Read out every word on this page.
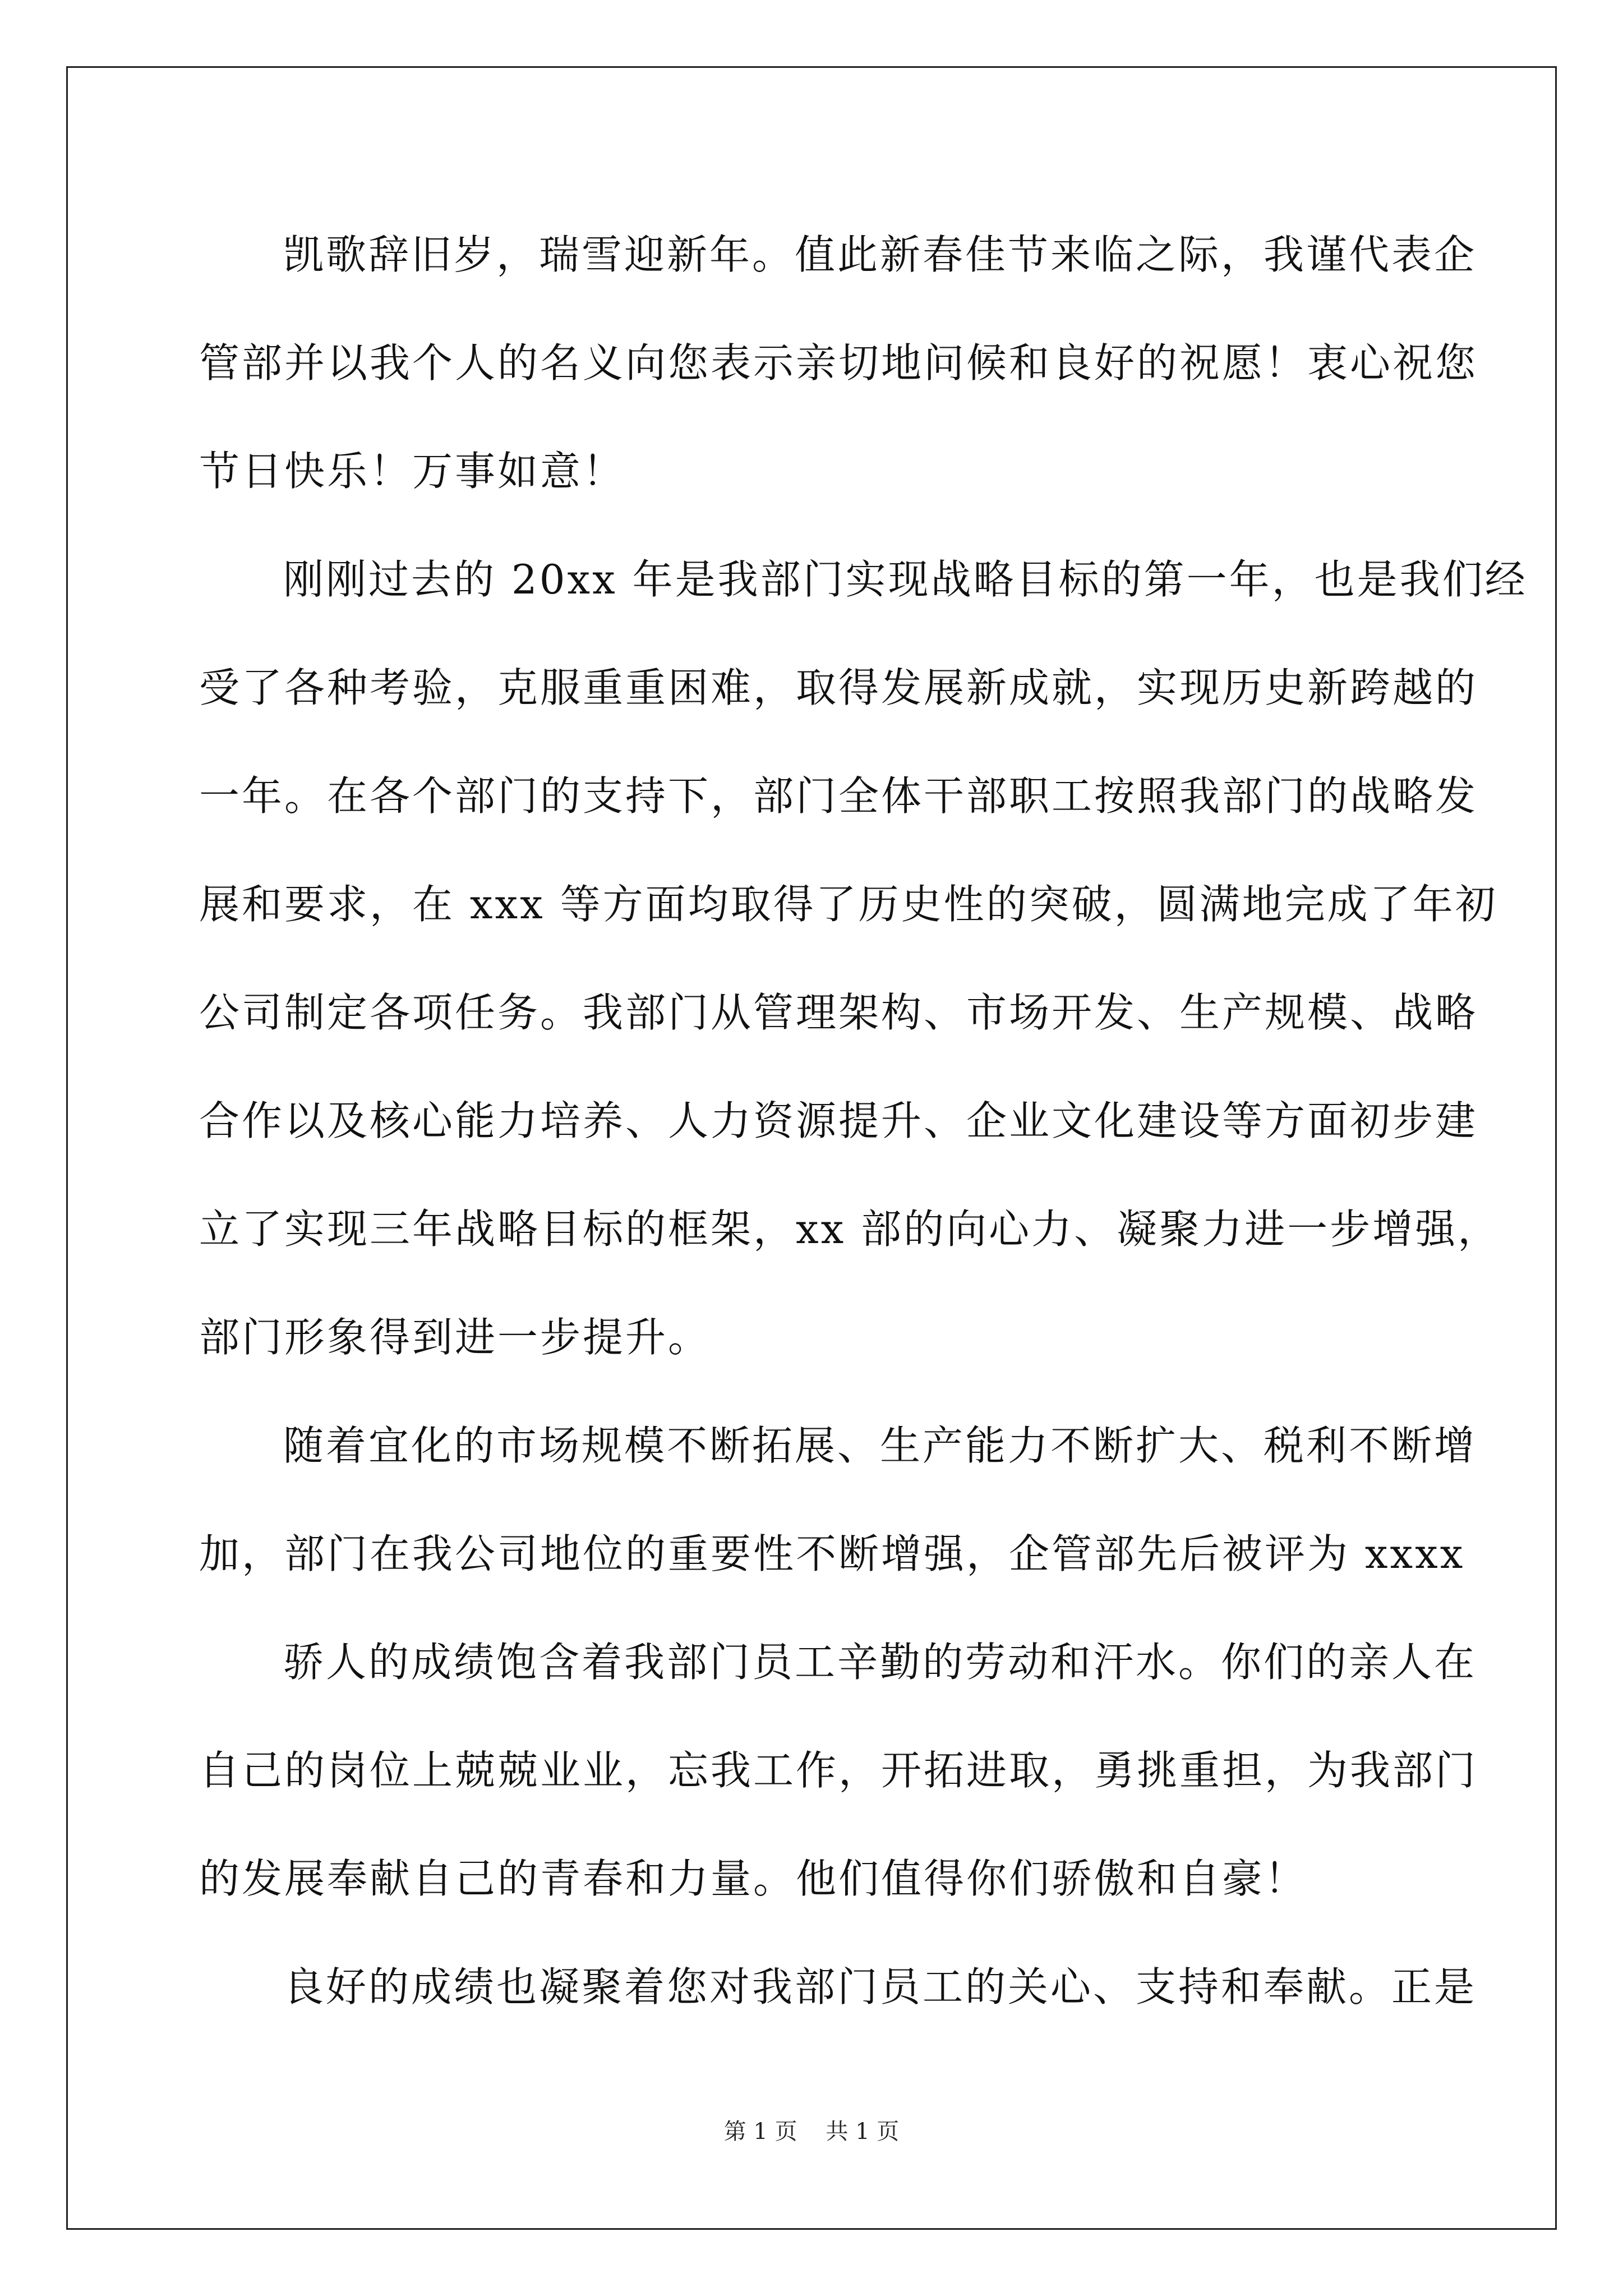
凯歌辞旧岁，瑞雪迎新年。值此新春佳节来临之际，我谨代表企

管部并以我个人的名义向您表示亲切地问候和良好的祝愿！衷心祝您

节日快乐！万事如意！

刚刚过去的 20xx 年是我部门实现战略目标的第一年，也是我们经

受了各种考验，克服重重困难，取得发展新成就，实现历史新跨越的

一年。在各个部门的支持下，部门全体干部职工按照我部门的战略发

展和要求，在 xxx 等方面均取得了历史性的突破，圆满地完成了年初

公司制定各项任务。我部门从管理架构、市场开发、生产规模、战略

合作以及核心能力培养、人力资源提升、企业文化建设等方面初步建

立了实现三年战略目标的框架，xx 部的向心力、凝聚力进一步增强，

部门形象得到进一步提升。

随着宜化的市场规模不断拓展、生产能力不断扩大、税利不断增

加，部门在我公司地位的重要性不断增强，企管部先后被评为 xxxx

骄人的成绩饱含着我部门员工辛勤的劳动和汗水。你们的亲人在

自己的岗位上兢兢业业，忘我工作，开拓进取，勇挑重担，为我部门

的发展奉献自己的青春和力量。他们值得你们骄傲和自豪！

良好的成绩也凝聚着您对我部门员工的关心、支持和奉献。正是

第 1 页    共 1 页
